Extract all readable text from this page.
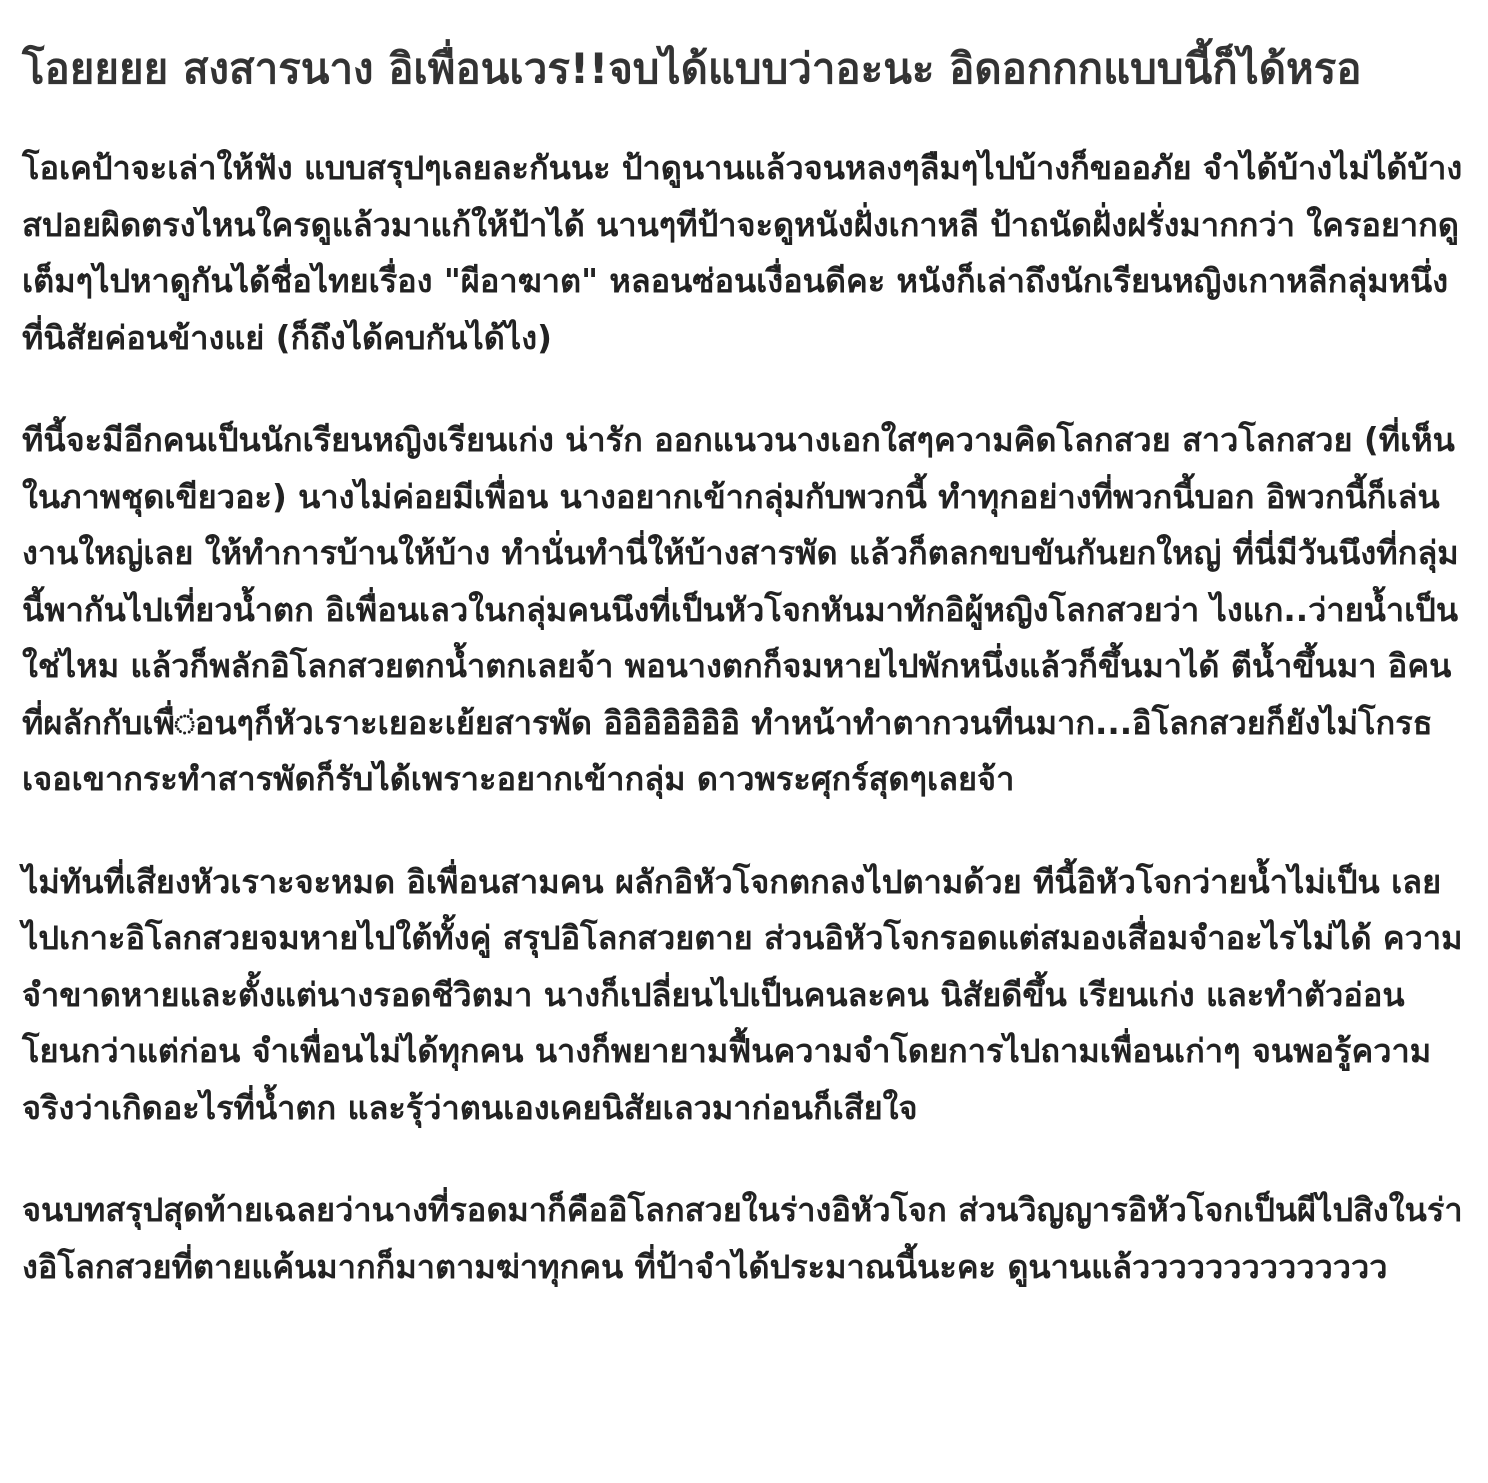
โอยยยย สงสารนาง อิเพื่อนเวร!!จบได้แบบว่าอะนะ อิดอกกกแบบนี้ก็ได้หรอ

โอเคป้าจะเล่าให้ฟัง แบบสรุปๆเลยละกันนะ ป้าดูนานแล้วจนหลงๆลืมๆไปบ้างก็ขออภัย จำได้บ้างไม่ได้บ้าง สปอยผิดตรงไหนใครดูแล้วมาแก้ให้ป้าได้ นานๆทีป้าจะดูหนังฝั่งเกาหลี ป้าถนัดฝั่งฝรั่งมากกว่า ใครอยากดูเต็มๆไปหาดูกันได้ชื่อไทยเรื่อง "ผีอาฆาต" หลอนซ่อนเงื่อนดีคะ หนังก็เล่าถึงนักเรียนหญิงเกาหลีกลุ่มหนึ่งที่นิสัยค่อนข้างแย่ (ก็ถึงได้คบกันได้ไง)

ทีนี้จะมีอีกคนเป็นนักเรียนหญิงเรียนเก่ง น่ารัก ออกแนวนางเอกใสๆความคิดโลกสวย สาวโลกสวย (ที่เห็นในภาพชุดเขียวอะ) นางไม่ค่อยมีเพื่อน นางอยากเข้ากลุ่มกับพวกนี้ ทำทุกอย่างที่พวกนี้บอก อิพวกนี้ก็เล่นงานใหญ่เลย ให้ทำการบ้านให้บ้าง ทำนั่นทำนี่ให้บ้างสารพัด แล้วก็ตลกขบขันกันยกใหญ่ ที่นี่มีวันนึงที่กลุ่มนี้พากันไปเที่ยวน้ำตก อิเพื่อนเลวในกลุ่มคนนึงที่เป็นหัวโจกหันมาทักอิผู้หญิงโลกสวยว่า ไงแก..ว่ายน้ำเป็นใช่ไหม แล้วก็พลักอิโลกสวยตกน้ำตกเลยจ้า พอนางตกก็จมหายไปพักหนึ่งแล้วก็ขึ้นมาได้ ตีน้ำขึ้นมา อิคนที่ผลักกับเพื่◌่อนๆก็หัวเราะเยอะเย้ยสารพัด อิอิอิอิอิอิอิ ทำหน้าทำตากวนทีนมาก...อิโลกสวยก็ยังไม่โกรธ เจอเขากระทำสารพัดก็รับได้เพราะอยากเข้ากลุ่ม ดาวพระศุกร์สุดๆเลยจ้า

ไม่ทันที่เสียงหัวเราะจะหมด อิเพื่อนสามคน ผลักอิหัวโจกตกลงไปตามด้วย ทีนี้อิหัวโจกว่ายน้ำไม่เป็น เลยไปเกาะอิโลกสวยจมหายไปใต้ทั้งคู่ สรุปอิโลกสวยตาย ส่วนอิหัวโจกรอดแต่สมองเสื่อมจำอะไรไม่ได้ ความจำขาดหายและตั้งแต่นางรอดชีวิตมา นางก็เปลี่ยนไปเป็นคนละคน นิสัยดีขึ้น เรียนเก่ง และทำตัวอ่อนโยนกว่าแต่ก่อน จำเพื่อนไม่ได้ทุกคน นางก็พยายามฟื้นความจำโดยการไปถามเพื่อนเก่าๆ จนพอรู้ความจริงว่าเกิดอะไรที่น้ำตก และรุ้ว่าตนเองเคยนิสัยเลวมาก่อนก็เสียใจ

จนบทสรุปสุดท้ายเฉลยว่านางที่รอดมาก็คืออิโลกสวยในร่างอิหัวโจก ส่วนวิญญารอิหัวโจกเป็นผีไปสิงในร่างอิโลกสวยที่ตายแค้นมากก็มาตามฆ่าทุกคน ที่ป้าจำได้ประมาณนี้นะคะ ดูนานแล้วววววววววววววว
